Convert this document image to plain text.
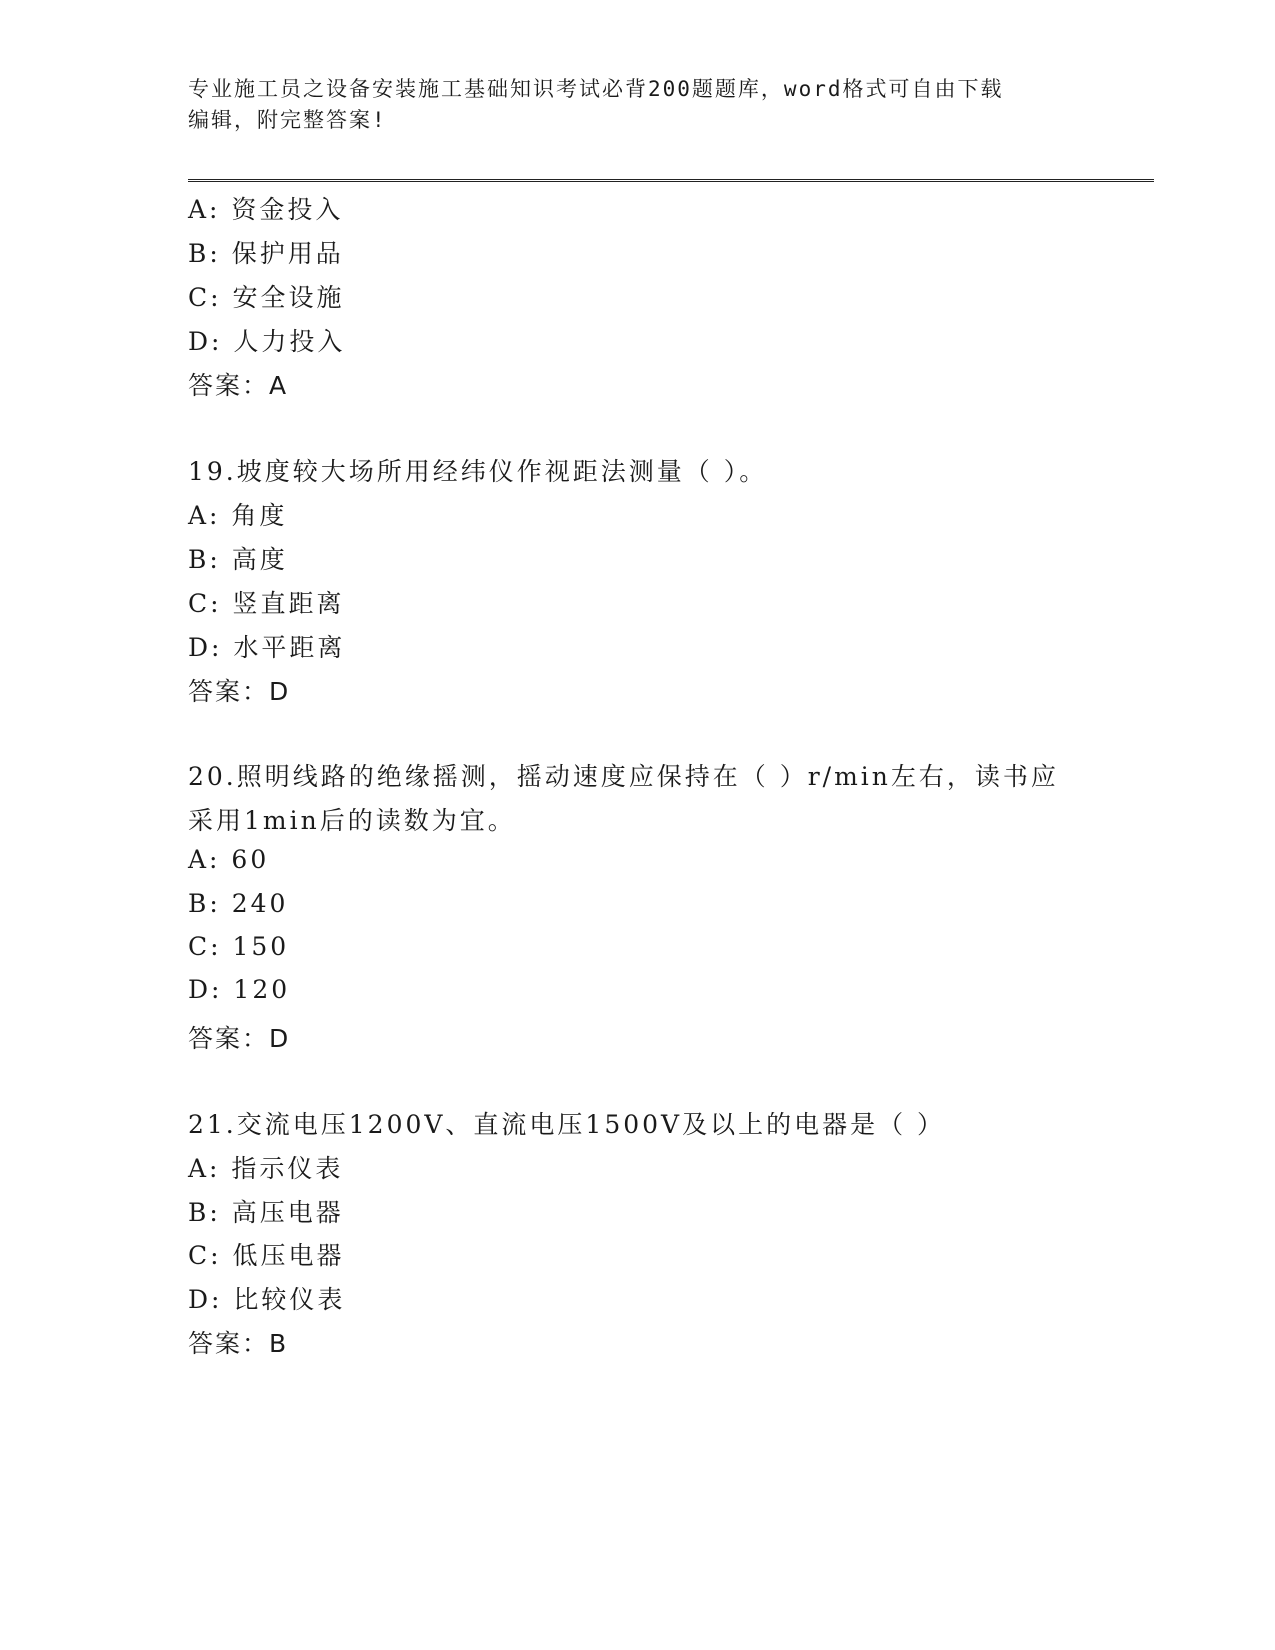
专业施工员之设备安装施工基础知识考试必背200题题库，word格式可自由下载
编辑，附完整答案!
A: 资金投入
B: 保护用品
C: 安全设施
D: 人力投入
答案：A
19.坡度较大场所用经纬仪作视距法测量（ ）。
A: 角度
B: 高度
C: 竖直距离
D: 水平距离
答案：D
20.照明线路的绝缘摇测，摇动速度应保持在（ ）r/min左右，读书应
采用1min后的读数为宜。
A: 60
B: 240
C: 150
D: 120
答案：D
21.交流电压1200V、直流电压1500V及以上的电器是（ ）
A: 指示仪表
B: 高压电器
C: 低压电器
D: 比较仪表
答案：B
